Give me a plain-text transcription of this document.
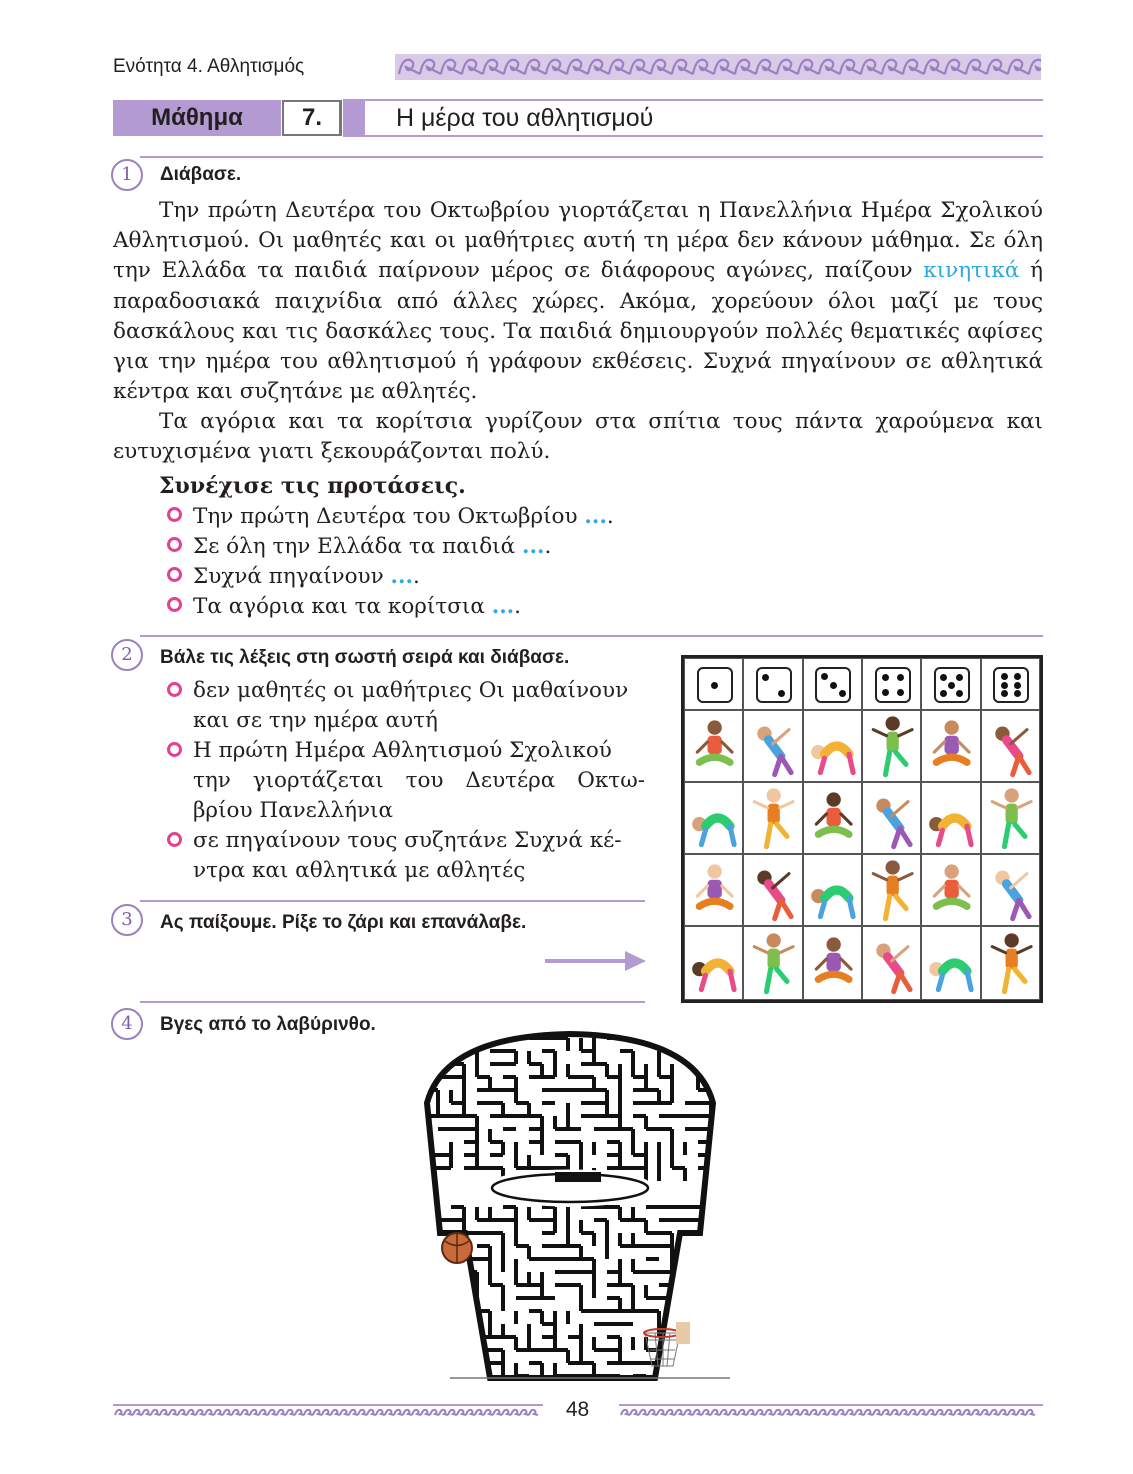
Ενότητα 4. Αθλητισμός
Μάθημα	7.	Η μέρα του αθλητισμού
1	Διάβασε.
Την πρώτη Δευτέρα του Οκτωβρίου γιορτάζεται η Πανελλήνια Ημέρα Σχολικού Αθλητισμού. Οι μαθητές και οι μαθήτριες αυτή τη μέρα δεν κάνουν μάθημα. Σε όλη την Ελλάδα τα παιδιά παίρνουν μέρος σε διάφορους αγώνες, παίζουν κινητικά ή παραδοσιακά παιχνίδια από άλλες χώρες. Ακόμα, χορεύουν όλοι μαζί με τους δασκάλους και τις δασκάλες τους. Τα παιδιά δημιουργούν πολλές θεματικές αφίσες για την ημέρα του αθλητισμού ή γράφουν εκθέσεις. Συχνά πηγαίνουν σε αθλητικά κέντρα και συζητάνε με αθλητές.
Τα αγόρια και τα κορίτσια γυρίζουν στα σπίτια τους πάντα χαρούμενα και ευτυχισμένα γιατι ξεκουράζονται πολύ.
Συνέχισε τις προτάσεις.
Την πρώτη Δευτέρα του Οκτωβρίου ....
Σε όλη την Ελλάδα τα παιδιά ....
Συχνά πηγαίνουν ....
Τα αγόρια και τα κορίτσια ....
2	Βάλε τις λέξεις στη σωστή σειρά και διάβασε.
δεν μαθητές οι μαθήτριες Οι μαθαίνουν
και σε την ημέρα αυτή
Η πρώτη Ημέρα Αθλητισμού Σχολικού
την γιορτάζεται του Δευτέρα Οκτω-
βρίου Πανελλήνια
σε πηγαίνουν τους συζητάνε Συχνά κέ-
ντρα και αθλητικά με αθλητές
3	Ας παίξουμε. Ρίξε το ζάρι και επανάλαβε.
4	Βγες από το λαβύρινθο.
48
